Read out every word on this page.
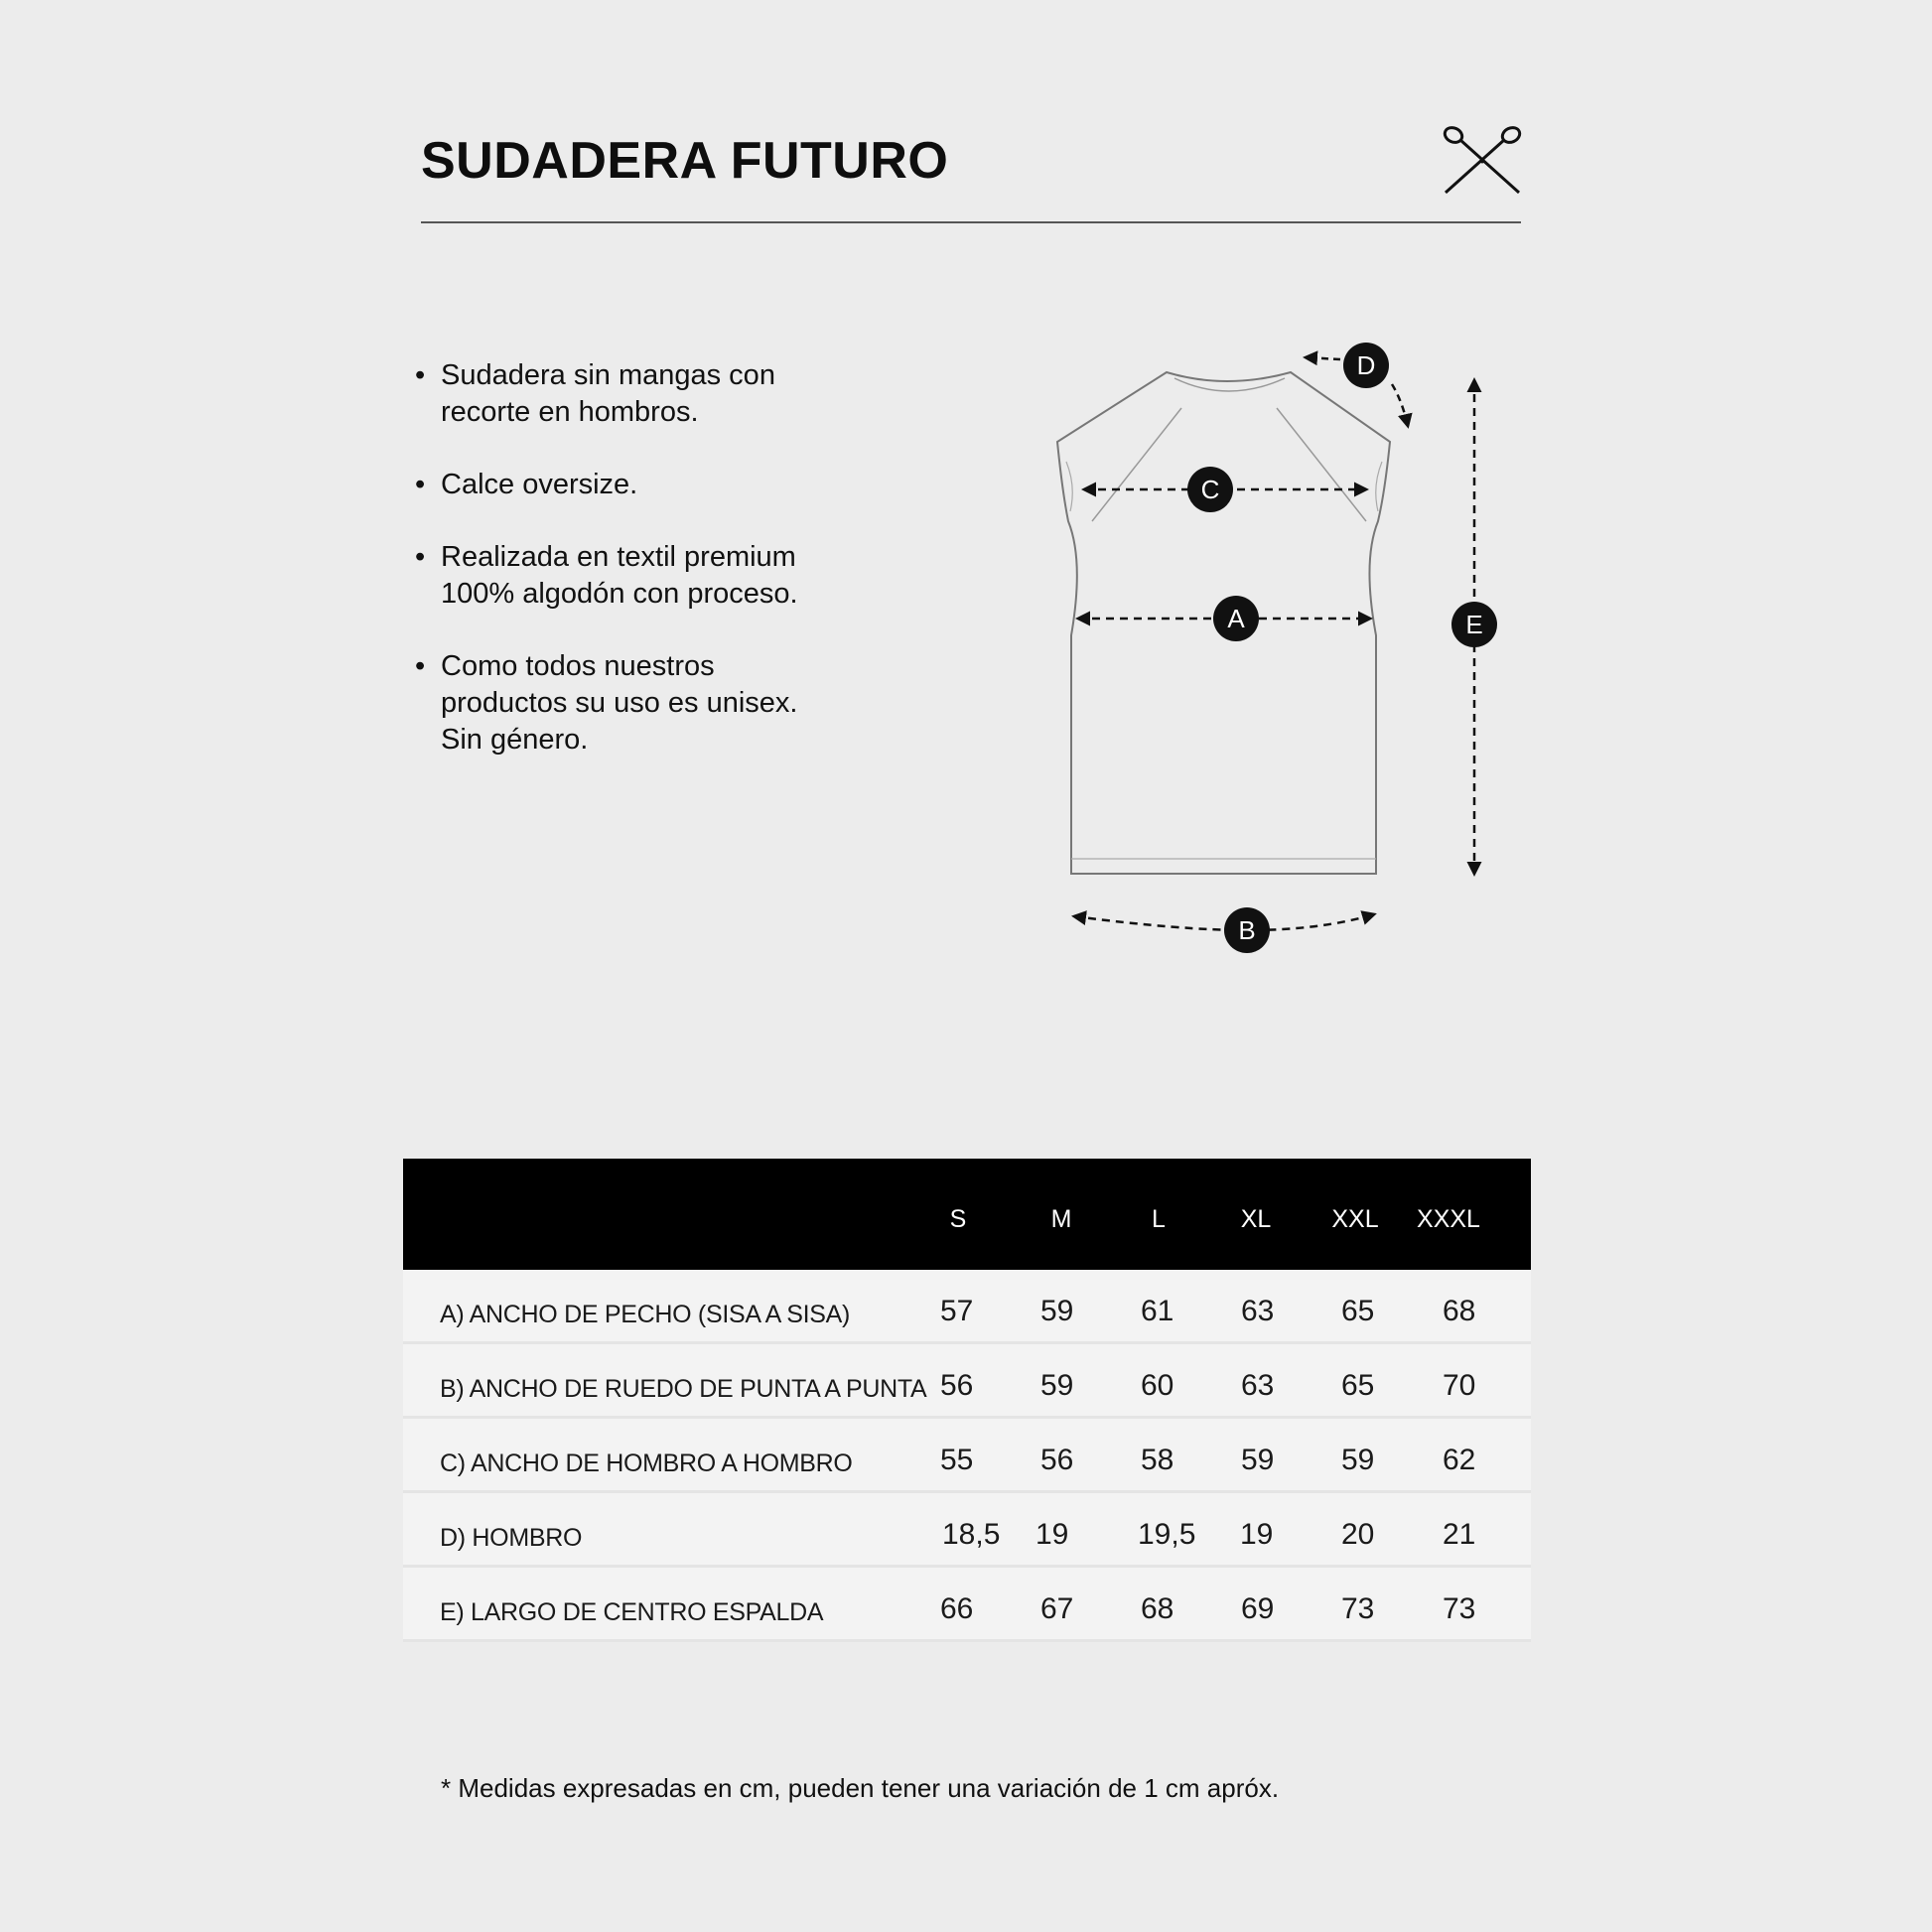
SUDADERA FUTURO
• Sudadera sin mangas con
recorte en hombros.
• Calce oversize.
• Realizada en textil premium
100% algodón con proceso.
• Como todos nuestros
productos su uso es unisex.
Sin género.
C
A
B
E
D
S	M	L	XL	XXL	XXXL
A) ANCHO DE PECHO (SISA A SISA)	57 59 61 63 65 68
B) ANCHO DE RUEDO DE PUNTA A PUNTA 56 59 60 63 65 70
C) ANCHO DE HOMBRO A HOMBRO	55 56 58 59 59 62
D) HOMBRO	18,5 19 19,5 19 20 21
E) LARGO DE CENTRO ESPALDA	66 67 68 69 73 73
* Medidas expresadas en cm, pueden tener una variación de 1 cm apróx.
